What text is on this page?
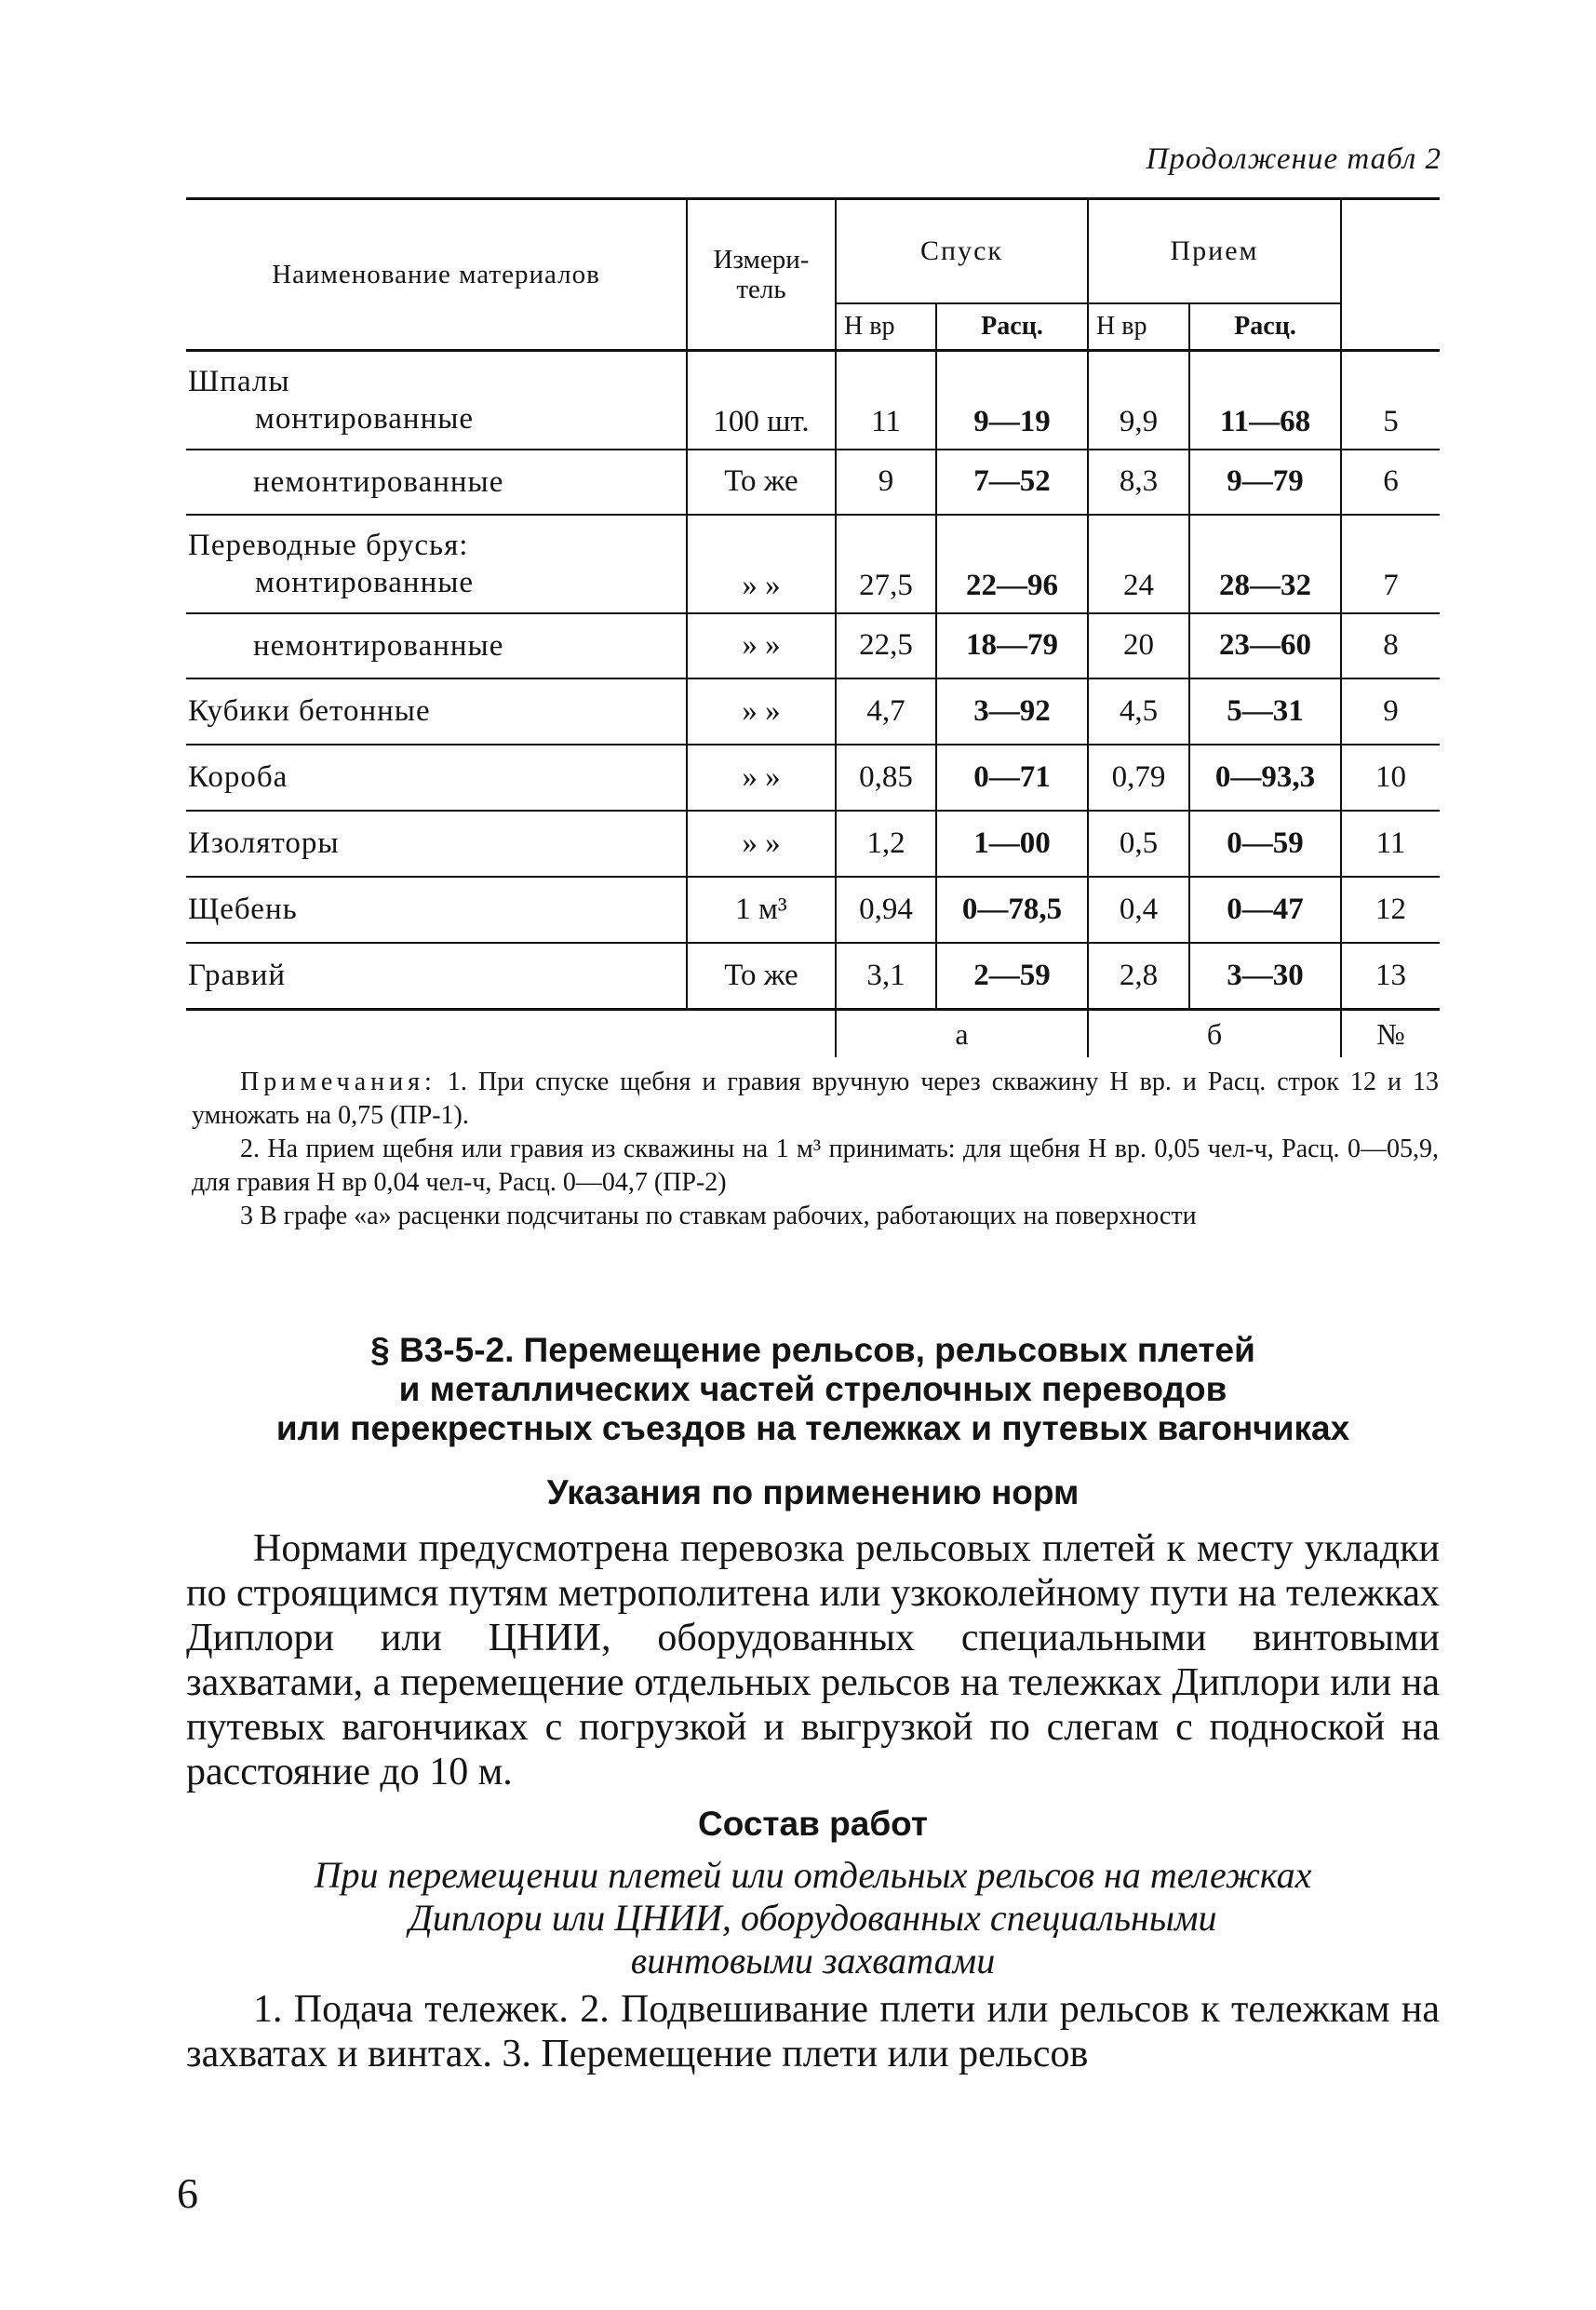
Продолжение табл 2
Наименование материалов	Измери-тель	Спуск		Прием		
		Н вр	Расц.	Н вр	Расц.	

Шпалы
монтированные	100 шт.	11	9—19	9,9	11—68	5
немонтированные	То же	9	7—52	8,3	9—79	6

Переводные брусья:
монтированные	» »	27,5	22—96	24	28—32	7
немонтированные	» »	22,5	18—79	20	23—60	8
Кубики бетонные	» »	4,7	3—92	4,5	5—31	9
Короба	» »	0,85	0—71	0,79	0—93,3	10
Изоляторы	» »	1,2	1—00	0,5	0—59	11
Щебень	1 м³	0,94	0—78,5	0,4	0—47	12
Гравий	То же	3,1	2—59	2,8	3—30	13
		а		б		№

Примечания: 1. При спуске щебня и гравия вручную через скважину Н вр. и Расц. строк 12 и 13 умножать на 0,75 (ПР-1).

2. На прием щебня или гравия из скважины на 1 м³ принимать: для щебня Н вр. 0,05 чел-ч, Расц. 0—05,9, для гравия Н вр 0,04 чел-ч, Расц. 0—04,7 (ПР-2)

3 В графе «а» расценки подсчитаны по ставкам рабочих, работающих на поверхности

§ В3-5-2. Перемещение рельсов, рельсовых плетей
и металлических частей стрелочных переводов
или перекрестных съездов на тележках и путевых вагончиках
Указания по применению норм

Нормами предусмотрена перевозка рельсовых плетей к месту укладки по строящимся путям метрополитена или узкоколейному пути на тележках Диплори или ЦНИИ, оборудованных специальными винтовыми захватами, а перемещение отдельных рельсов на тележках Диплори или на путевых вагончиках с погрузкой и выгрузкой по слегам с подноской на расстояние до 10 м.

Состав работ
При перемещении плетей или отдельных рельсов на тележках
Диплори или ЦНИИ, оборудованных специальными
винтовыми захватами

1. Подача тележек. 2. Подвешивание плети или рельсов к тележкам на захватах и винтах. 3. Перемещение плети или рельсов

6
